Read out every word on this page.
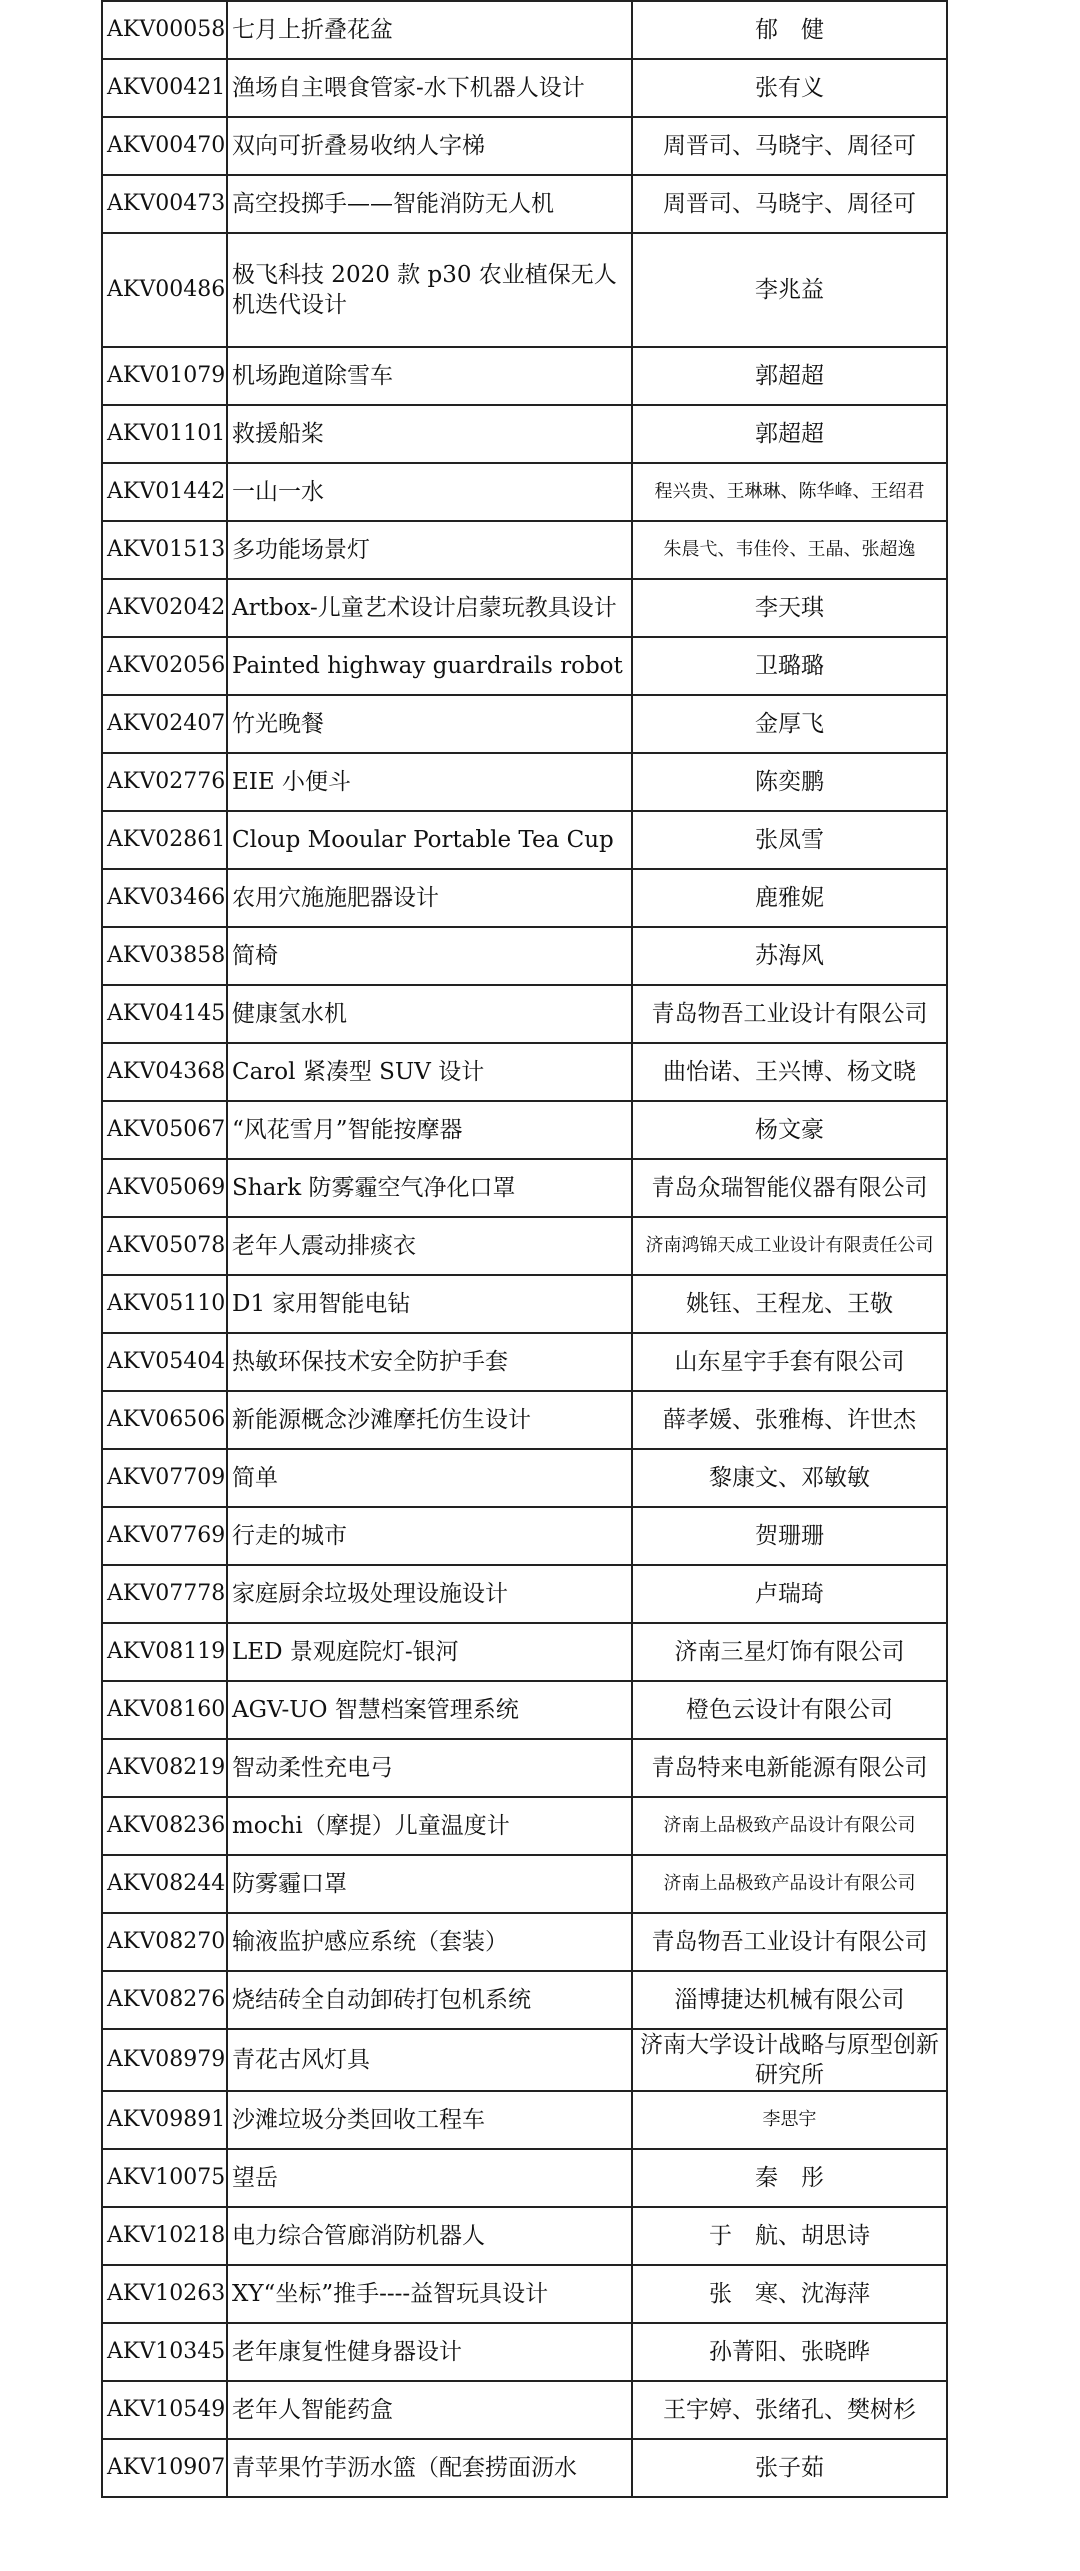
AKV00058	七月上折叠花盆	郁　健
AKV00421	渔场自主喂食管家-水下机器人设计	张有义
AKV00470	双向可折叠易收纳人字梯	周晋司、马晓宇、周径可
AKV00473	高空投掷手——智能消防无人机	周晋司、马晓宇、周径可
AKV00486	极飞科技 2020 款 p30 农业植保无人机迭代设计	李兆益
AKV01079	机场跑道除雪车	郭超超
AKV01101	救援船桨	郭超超
AKV01442	一山一水	程兴贵、王琳琳、陈华峰、王绍君
AKV01513	多功能场景灯	朱晨弋、韦佳伶、王晶、张超逸
AKV02042	Artbox-儿童艺术设计启蒙玩教具设计	李天琪
AKV02056	Painted highway guardrails robot	卫璐璐
AKV02407	竹光晚餐	金厚飞
AKV02776	EIE 小便斗	陈奕鹏
AKV02861	Cloup Mooular Portable Tea Cup	张凤雪
AKV03466	农用穴施施肥器设计	鹿雅妮
AKV03858	简椅	苏海风
AKV04145	健康氢水机	青岛物吾工业设计有限公司
AKV04368	Carol 紧凑型 SUV 设计	曲怡诺、王兴博、杨文晓
AKV05067	“风花雪月”智能按摩器	杨文豪
AKV05069	Shark 防雾霾空气净化口罩	青岛众瑞智能仪器有限公司
AKV05078	老年人震动排痰衣	济南鸿锦天成工业设计有限责任公司
AKV05110	D1 家用智能电钻	姚钰、王程龙、王敬
AKV05404	热敏环保技术安全防护手套	山东星宇手套有限公司
AKV06506	新能源概念沙滩摩托仿生设计	薛孝媛、张雅梅、许世杰
AKV07709	简单	黎康文、邓敏敏
AKV07769	行走的城市	贺珊珊
AKV07778	家庭厨余垃圾处理设施设计	卢瑞琦
AKV08119	LED 景观庭院灯-银河	济南三星灯饰有限公司
AKV08160	AGV-UO 智慧档案管理系统	橙色云设计有限公司
AKV08219	智动柔性充电弓	青岛特来电新能源有限公司
AKV08236	mochi（摩提）儿童温度计	济南上品极致产品设计有限公司
AKV08244	防雾霾口罩	济南上品极致产品设计有限公司
AKV08270	输液监护感应系统（套装）	青岛物吾工业设计有限公司
AKV08276	烧结砖全自动卸砖打包机系统	淄博捷达机械有限公司
AKV08979	青花古风灯具	济南大学设计战略与原型创新研究所
AKV09891	沙滩垃圾分类回收工程车	李思宇
AKV10075	望岳	秦　彤
AKV10218	电力综合管廊消防机器人	于　航、胡思诗
AKV10263	XY“坐标”推手----益智玩具设计	张　寒、沈海萍
AKV10345	老年康复性健身器设计	孙菁阳、张晓晔
AKV10549	老年人智能药盒	王宇婷、张绪孔、樊树杉
AKV10907	青苹果竹芋沥水篮（配套捞面沥水	张子茹
